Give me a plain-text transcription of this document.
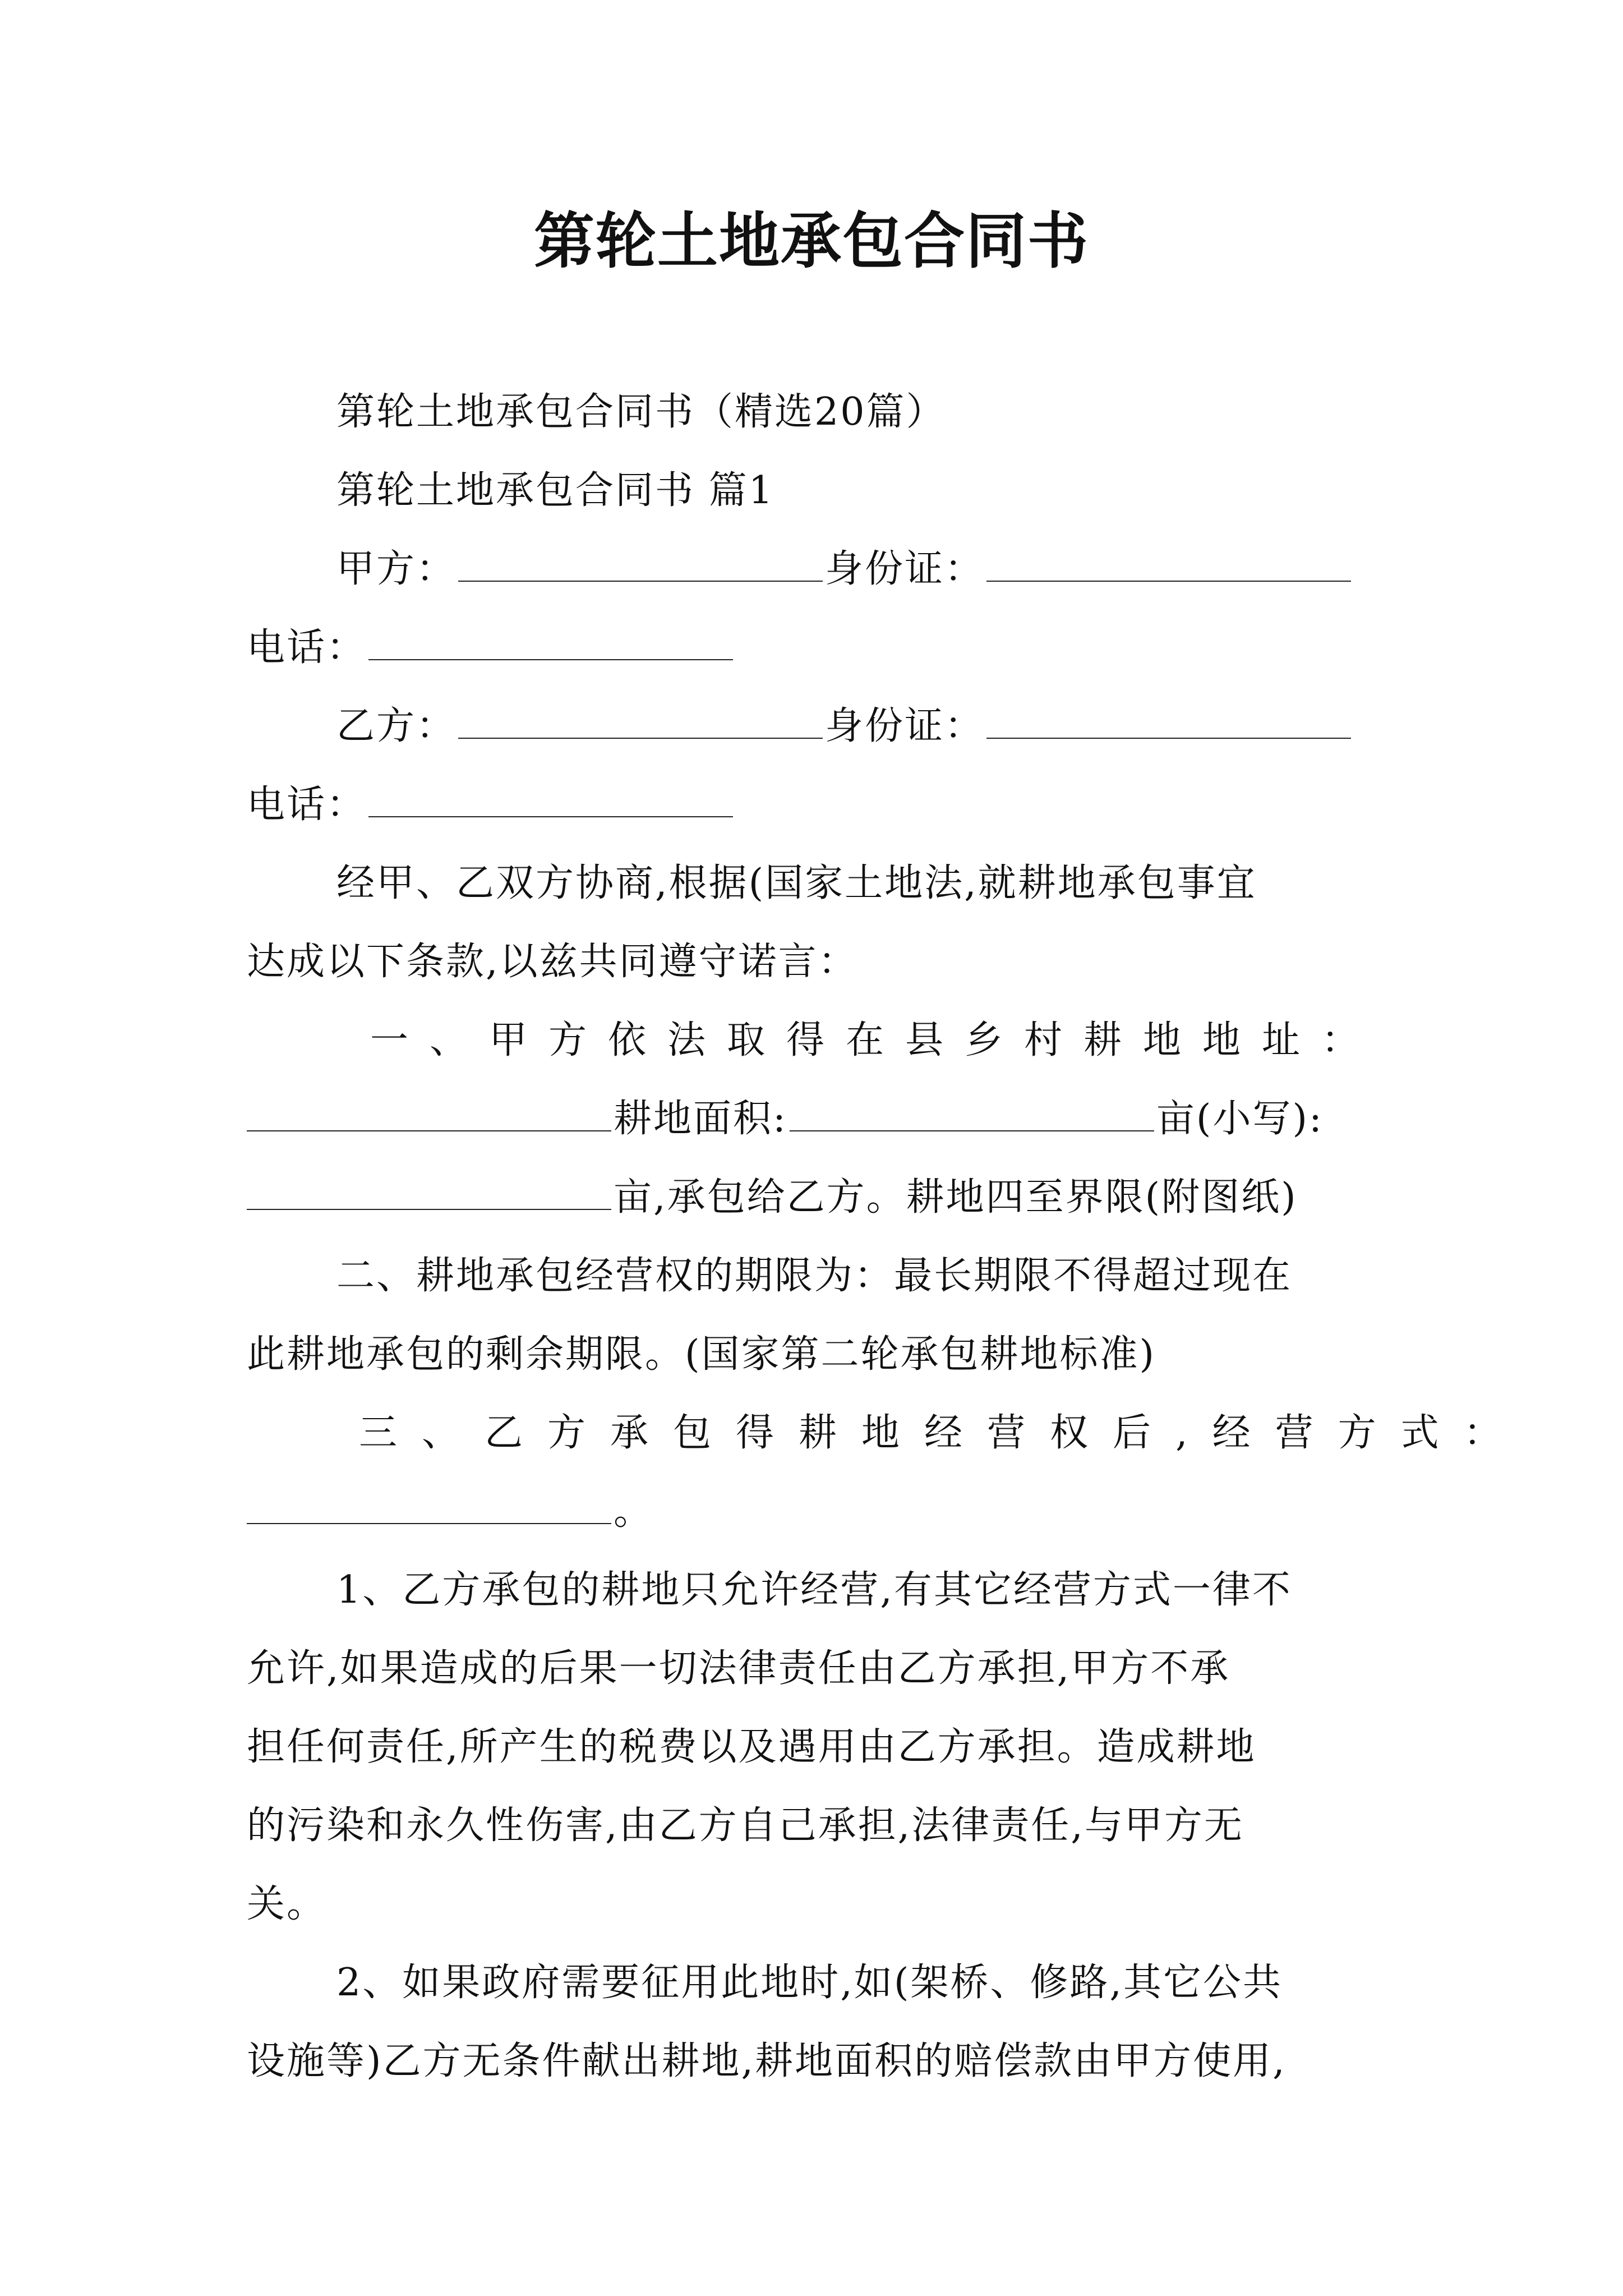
第轮土地承包合同书
第轮土地承包合同书（精选20篇）
第轮土地承包合同书 篇1
甲方：	身份证：
电话：
乙方：	身份证：
电话：
经甲、乙双方协商,根据(国家土地法,就耕地承包事宜
达成以下条款,以兹共同遵守诺言：
一、甲方依法取得在县乡村耕地地址：
耕地面积:	亩(小写):
亩,承包给乙方。耕地四至界限(附图纸)
二、耕地承包经营权的期限为：最长期限不得超过现在
此耕地承包的剩余期限。(国家第二轮承包耕地标准)
三、乙方承包得耕地经营权后,经营方式：
。
1、乙方承包的耕地只允许经营,有其它经营方式一律不
允许,如果造成的后果一切法律责任由乙方承担,甲方不承
担任何责任,所产生的税费以及遇用由乙方承担。造成耕地
的污染和永久性伤害,由乙方自己承担,法律责任,与甲方无
关。
2、如果政府需要征用此地时,如(架桥、修路,其它公共
设施等)乙方无条件献出耕地,耕地面积的赔偿款由甲方使用,
